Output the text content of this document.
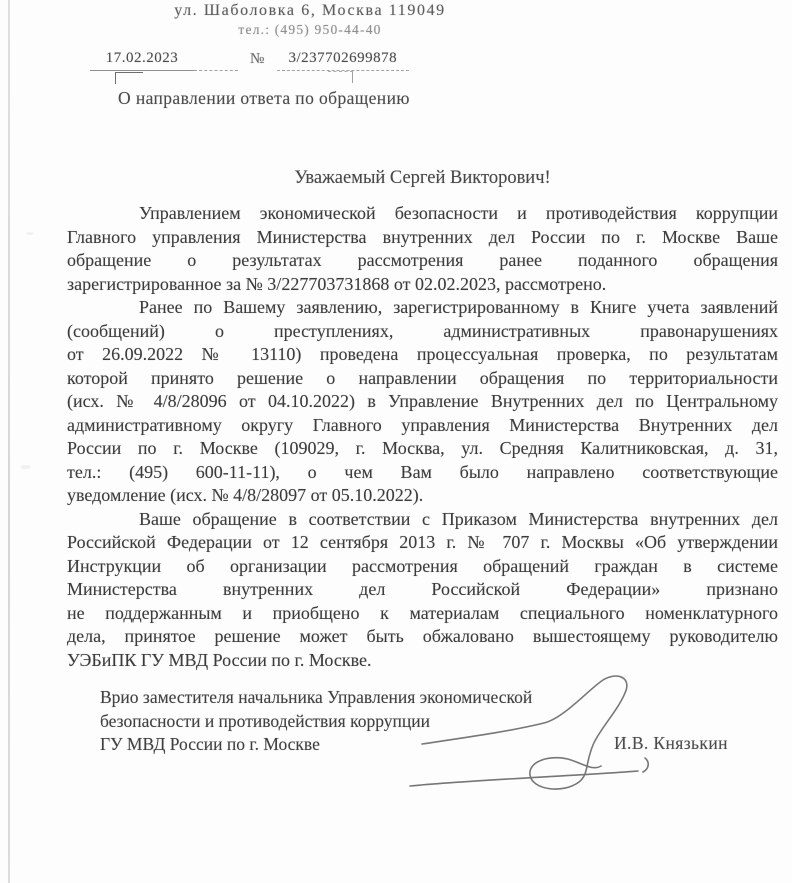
ул. Шаболовка 6, Москва 119049
тел.: (495) 950-44-40
17.02.2023	№	3/237702699878
О направлении ответа по обращению
Уважаемый Сергей Викторович!
Управлением экономической безопасности и противодействия коррупции
Главного управления Министерства внутренних дел России по г. Москве Ваше
обращение о результатах рассмотрения ранее поданного обращения
зарегистрированное за № 3/227703731868 от 02.02.2023, рассмотрено.
Ранее по Вашему заявлению, зарегистрированному в Книге учета заявлений
(сообщений) о преступлениях, административных правонарушениях
от 26.09.2022 № 13110) проведена процессуальная проверка, по результатам
которой принято решение о направлении обращения по территориальности
(исх. № 4/8/28096 от 04.10.2022) в Управление Внутренних дел по Центральному
административному округу Главного управления Министерства Внутренних дел
России по г. Москве (109029, г. Москва, ул. Средняя Калитниковская, д. 31,
тел.: (495) 600-11-11), о чем Вам было направлено соответствующие
уведомление (исх. № 4/8/28097 от 05.10.2022).
Ваше обращение в соответствии с Приказом Министерства внутренних дел
Российской Федерации от 12 сентября 2013 г. № 707 г. Москвы «Об утверждении
Инструкции об организации рассмотрения обращений граждан в системе
Министерства внутренних дел Российской Федерации» признано
не поддержанным и приобщено к материалам специального номенклатурного
дела, принятое решение может быть обжаловано вышестоящему руководителю
УЭБиПК ГУ МВД России по г. Москве.
Врио заместителя начальника Управления экономической
безопасности и противодействия коррупции
ГУ МВД России по г. Москве	И.В. Князькин
